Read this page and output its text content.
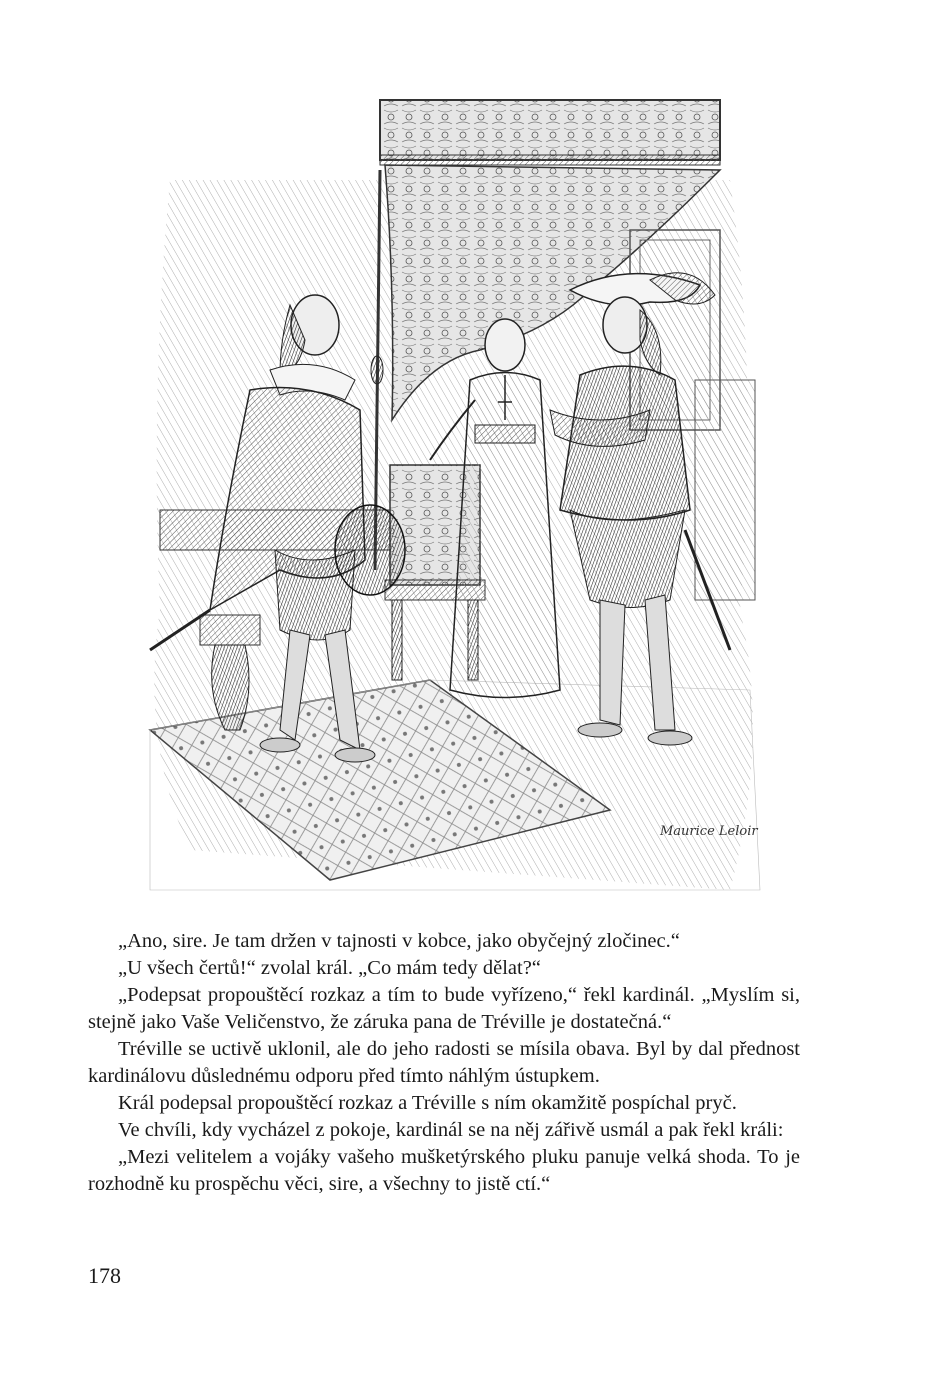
Maurice Leloir

„Ano, sire. Je tam držen v tajnosti v kobce, jako obyčejný zločinec.“

„U všech čertů!“ zvolal král. „Co mám tedy dělat?“

„Podepsat propouštěcí rozkaz a tím to bude vyřízeno,“ řekl kardinál. „Myslím si, stejně jako Vaše Veličenstvo, že záruka pana de Tréville je dostatečná.“

Tréville se uctivě uklonil, ale do jeho radosti se mísila obava. Byl by dal přednost kardinálovu důslednému odporu před tímto náhlým ústupkem.

Král podepsal propouštěcí rozkaz a Tréville s ním okamžitě pospíchal pryč.

Ve chvíli, kdy vycházel z pokoje, kardinál se na něj zářivě usmál a pak řekl králi:

„Mezi velitelem a vojáky vašeho mušketýrského pluku panuje velká shoda. To je rozhodně ku prospěchu věci, sire, a všechny to jistě ctí.“

178
